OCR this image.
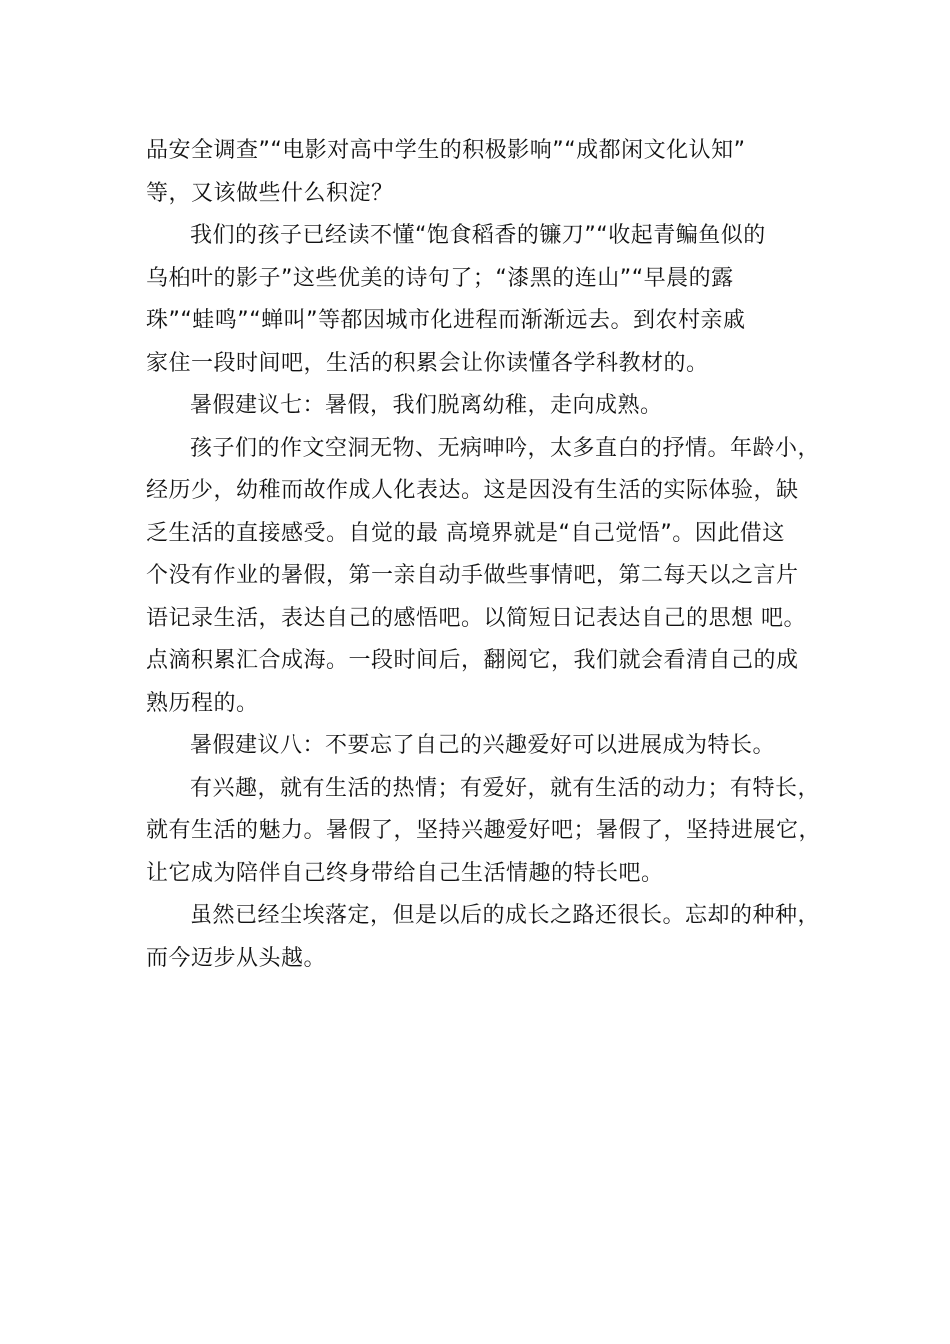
品安全调查”“电影对高中学生的积极影响”“成都闲文化认知”
等，又该做些什么积淀？
我们的孩子已经读不懂“饱食稻香的镰刀”“收起青鳊鱼似的
乌桕叶的影子”这些优美的诗句了；“漆黑的连山”“早晨的露
珠”“蛙鸣”“蝉叫”等都因城市化进程而渐渐远去。到农村亲戚
家住一段时间吧，生活的积累会让你读懂各学科教材的。
暑假建议七：暑假，我们脱离幼稚，走向成熟。
孩子们的作文空洞无物、无病呻吟，太多直白的抒情。年龄小，
经历少，幼稚而故作成人化表达。这是因没有生活的实际体验，缺
乏生活的直接感受。自觉的最 高境界就是“自己觉悟”。因此借这
个没有作业的暑假，第一亲自动手做些事情吧，第二每天以之言片
语记录生活，表达自己的感悟吧。以简短日记表达自己的思想 吧。
点滴积累汇合成海。一段时间后，翻阅它，我们就会看清自己的成
熟历程的。
暑假建议八：不要忘了自己的兴趣爱好可以进展成为特长。
有兴趣，就有生活的热情；有爱好，就有生活的动力；有特长，
就有生活的魅力。暑假了，坚持兴趣爱好吧；暑假了，坚持进展它，
让它成为陪伴自己终身带给自己生活情趣的特长吧。
虽然已经尘埃落定，但是以后的成长之路还很长。忘却的种种，
而今迈步从头越。
